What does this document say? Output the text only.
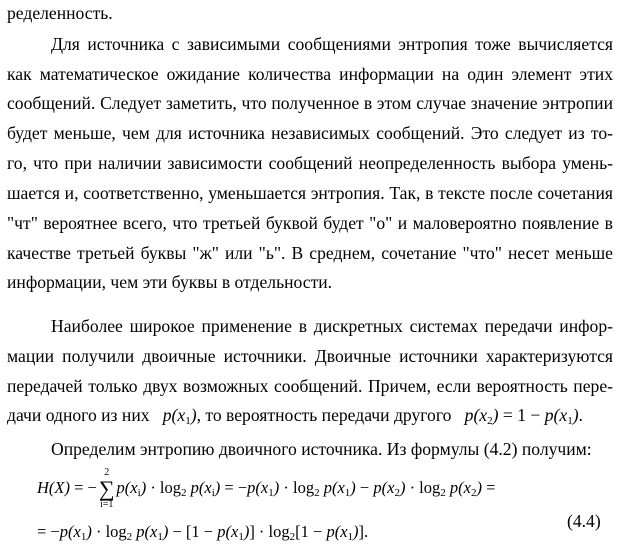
ределенность.
Для источника с зависимыми сообщениями энтропия тоже вычисляется
как математическое ожидание количества информации на один элемент этих
сообщений. Следует заметить, что полученное в этом случае значение энтропии
будет меньше, чем для источника независимых сообщений. Это следует из то-
го, что при наличии зависимости сообщений неопределенность выбора умень-
шается и, соответственно, уменьшается энтропия. Так, в тексте после сочетания
"чт" вероятнее всего, что третьей буквой будет "о" и маловероятно появление в
качестве третьей буквы "ж" или "ь". В среднем, сочетание "что" несет меньше
информации, чем эти буквы в отдельности.
Наиболее широкое применение в дискретных системах передачи инфор-
мации получили двоичные источники. Двоичные источники характеризуются
передачей только двух возможных сообщений. Причем, если вероятность пере-
дачи одного из них   $p(x_1)$, то вероятность передачи другого   $p(x_2) = 1 - p(x_1)$.
Определим энтропию двоичного источника. Из формулы (4.2) получим:
H(X) = −∑
2
i=1
$p(x_i) \cdot \log_2 p(x_i) = -p(x_1) \cdot \log_2 p(x_1) - p(x_2) \cdot \log_2 p(x_2)$ =
= $-p(x_1) \cdot \log_2 p(x_1) - [1 - p(x_1)] \cdot \log_2[1 - p(x_1)]$.
(4.4)
